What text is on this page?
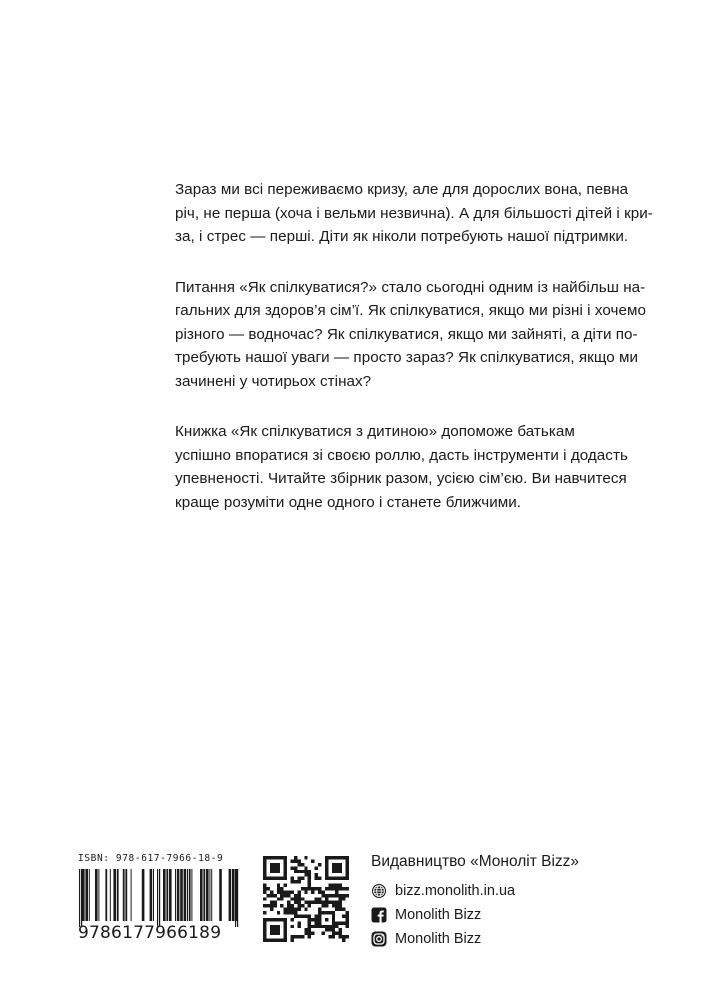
Зараз ми всі переживаємо кризу, але для дорослих вона, певна
річ, не перша (хоча і вельми незвична). А для більшості дітей і кри-
за, і стрес — перші. Діти як ніколи потребують нашої підтримки.

Питання «Як спілкуватися?» стало сьогодні одним із найбільш на-
гальних для здоров’я сім’ї. Як спілкуватися, якщо ми різні і хочемо
різного — водночас? Як спілкуватися, якщо ми зайняті, а діти по-
требують нашої уваги — просто зараз? Як спілкуватися, якщо ми
зачинені у чотирьох стінах?

Книжка «Як спілкуватися з дитиною» допоможе батькам
успішно впоратися зі своєю роллю, дасть інструменти і додасть
упевненості. Читайте збірник разом, усією сім’єю. Ви навчитеся
краще розуміти одне одного і станете ближчими.

ISBN: 978-617-7966-18-9
9786177966189
Видавництво «Моноліт Bizz»
bizz.monolith.in.ua
Monolith Bizz
Monolith Bizz
